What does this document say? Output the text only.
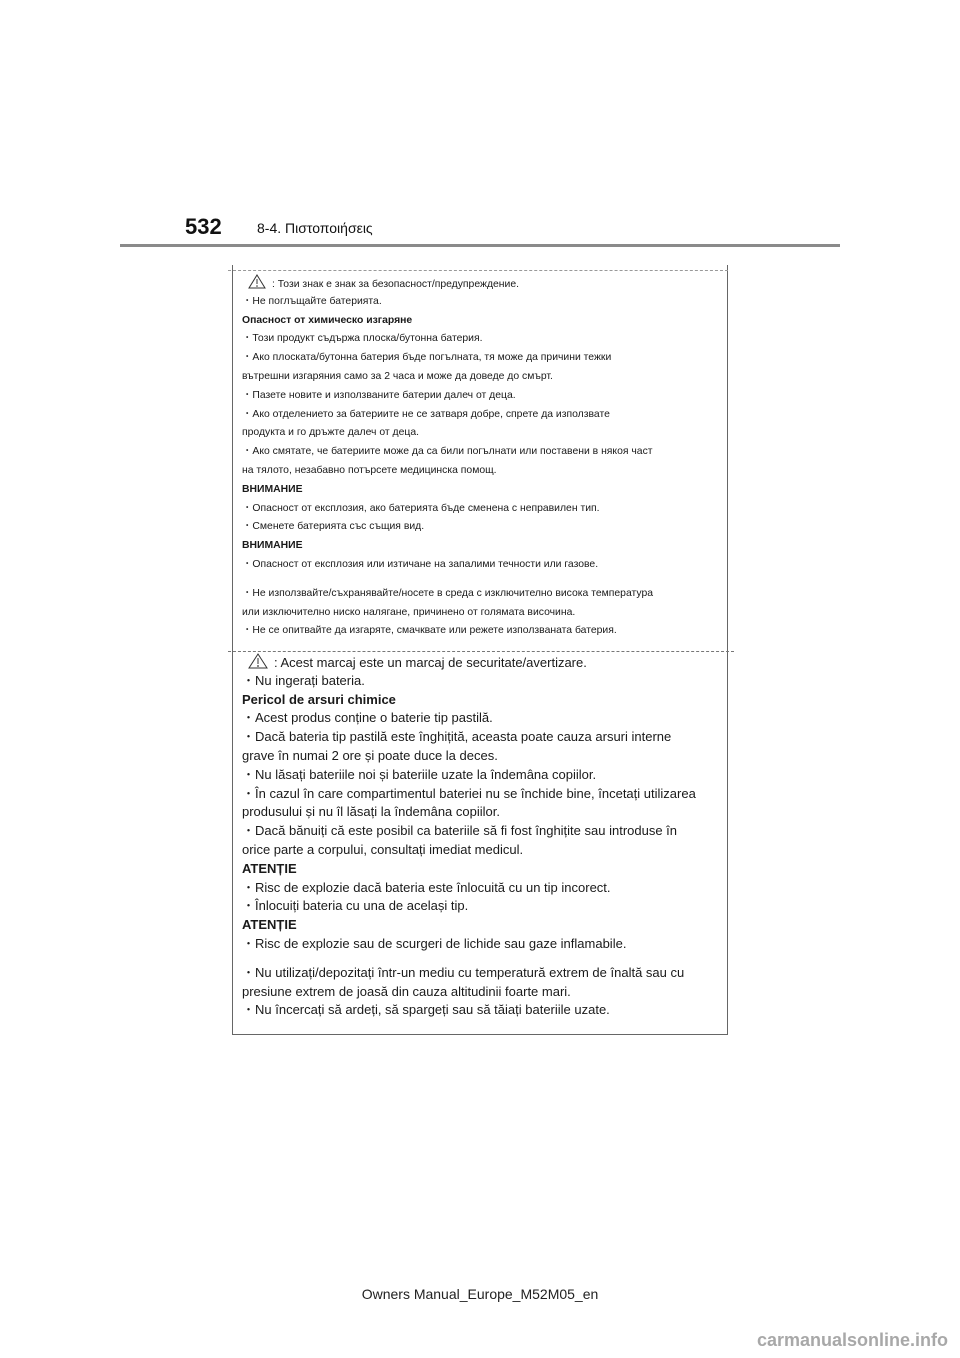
532	8-4. Πιστοποιήσεις
: Този знак е знак за безопасност/предупреждение.
・Не поглъщайте батерията.
Опасност от химическо изгаряне
・Този продукт съдържа плоска/бутонна батерия.
・Ако плоската/бутонна батерия бъде погълната, тя може да причини тежки
вътрешни изгаряния само за 2 часа и може да доведе до смърт.
・Пазете новите и използваните батерии далеч от деца.
・Ако отделението за батериите не се затваря добре, спрете да използвате
продукта и го дръжте далеч от деца.
・Ако смятате, че батериите може да са били погълнати или поставени в някоя част
на тялото, незабавно потърсете медицинска помощ.
ВНИМАНИЕ
・Опасност от експлозия, ако батерията бъде сменена с неправилен тип.
・Сменете батерията със същия вид.
ВНИМАНИЕ
・Опасност от експлозия или изтичане на запалими течности или газове.
・Не използвайте/съхранявайте/носете в среда с изключително висока температура
или изключително ниско налягане, причинено от голямата височина.
・Не се опитвайте да изгаряте, смачквате или режете използваната батерия.
: Acest marcaj este un marcaj de securitate/avertizare.
・Nu ingerați bateria.
Pericol de arsuri chimice
・Acest produs conține o baterie tip pastilă.
・Dacă bateria tip pastilă este înghițită, aceasta poate cauza arsuri interne
grave în numai 2 ore și poate duce la deces.
・Nu lăsați bateriile noi și bateriile uzate la îndemâna copiilor.
・În cazul în care compartimentul bateriei nu se închide bine, încetați utilizarea
produsului și nu îl lăsați la îndemâna copiilor.
・Dacă bănuiți că este posibil ca bateriile să fi fost înghițite sau introduse în
orice parte a corpului, consultați imediat medicul.
ATENȚIE
・Risc de explozie dacă bateria este înlocuită cu un tip incorect.
・Înlocuiți bateria cu una de același tip.
ATENȚIE
・Risc de explozie sau de scurgeri de lichide sau gaze inflamabile.
・Nu utilizați/depozitați într-un mediu cu temperatură extrem de înaltă sau cu
presiune extrem de joasă din cauza altitudinii foarte mari.
・Nu încercați să ardeți, să spargeți sau să tăiați bateriile uzate.
Owners Manual_Europe_M52M05_en
carmanualsonline.info
